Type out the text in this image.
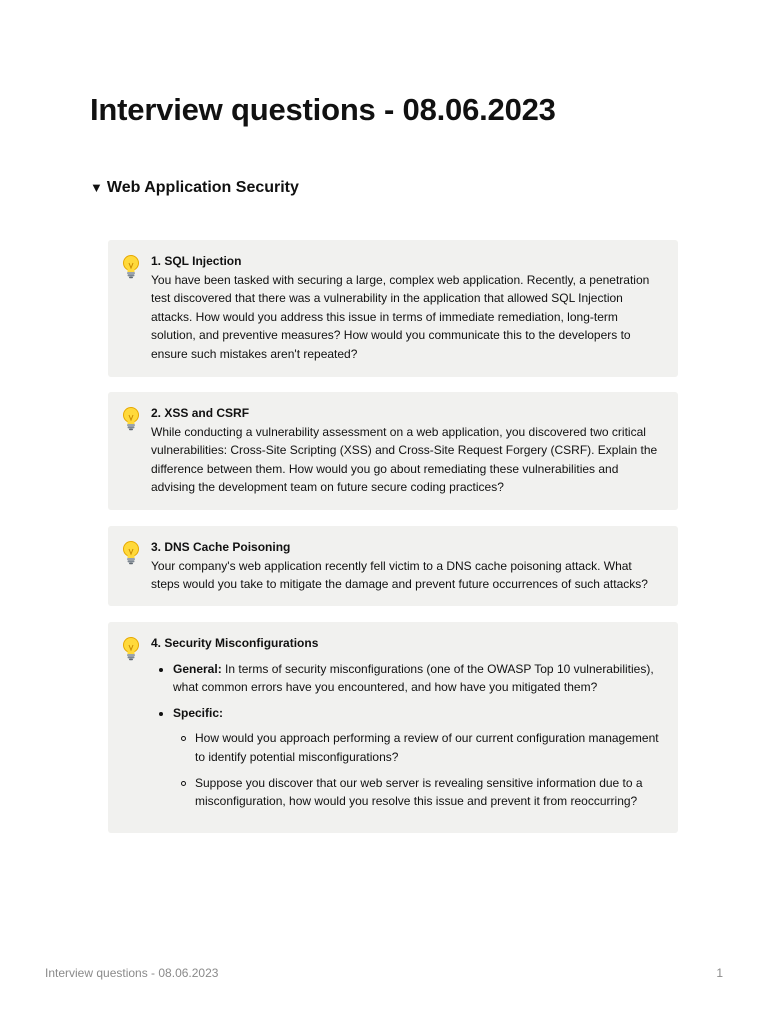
Interview questions - 08.06.2023
▼ Web Application Security

1. SQL Injection

You have been tasked with securing a large, complex web application. Recently, a penetration test discovered that there was a vulnerability in the application that allowed SQL Injection attacks. How would you address this issue in terms of immediate remediation, long-term solution, and preventive measures? How would you communicate this to the developers to ensure such mistakes aren't repeated?

2. XSS and CSRF

While conducting a vulnerability assessment on a web application, you discovered two critical vulnerabilities: Cross-Site Scripting (XSS) and Cross-Site Request Forgery (CSRF). Explain the difference between them. How would you go about remediating these vulnerabilities and advising the development team on future secure coding practices?

3. DNS Cache Poisoning

Your company's web application recently fell victim to a DNS cache poisoning attack. What steps would you take to mitigate the damage and prevent future occurrences of such attacks?

4. Security Misconfigurations

General: In terms of security misconfigurations (one of the OWASP Top 10 vulnerabilities), what common errors have you encountered, and how have you mitigated them?
Specific:
How would you approach performing a review of our current configuration management to identify potential misconfigurations?
Suppose you discover that our web server is revealing sensitive information due to a misconfiguration, how would you resolve this issue and prevent it from reoccurring?
Interview questions - 08.06.2023	1
